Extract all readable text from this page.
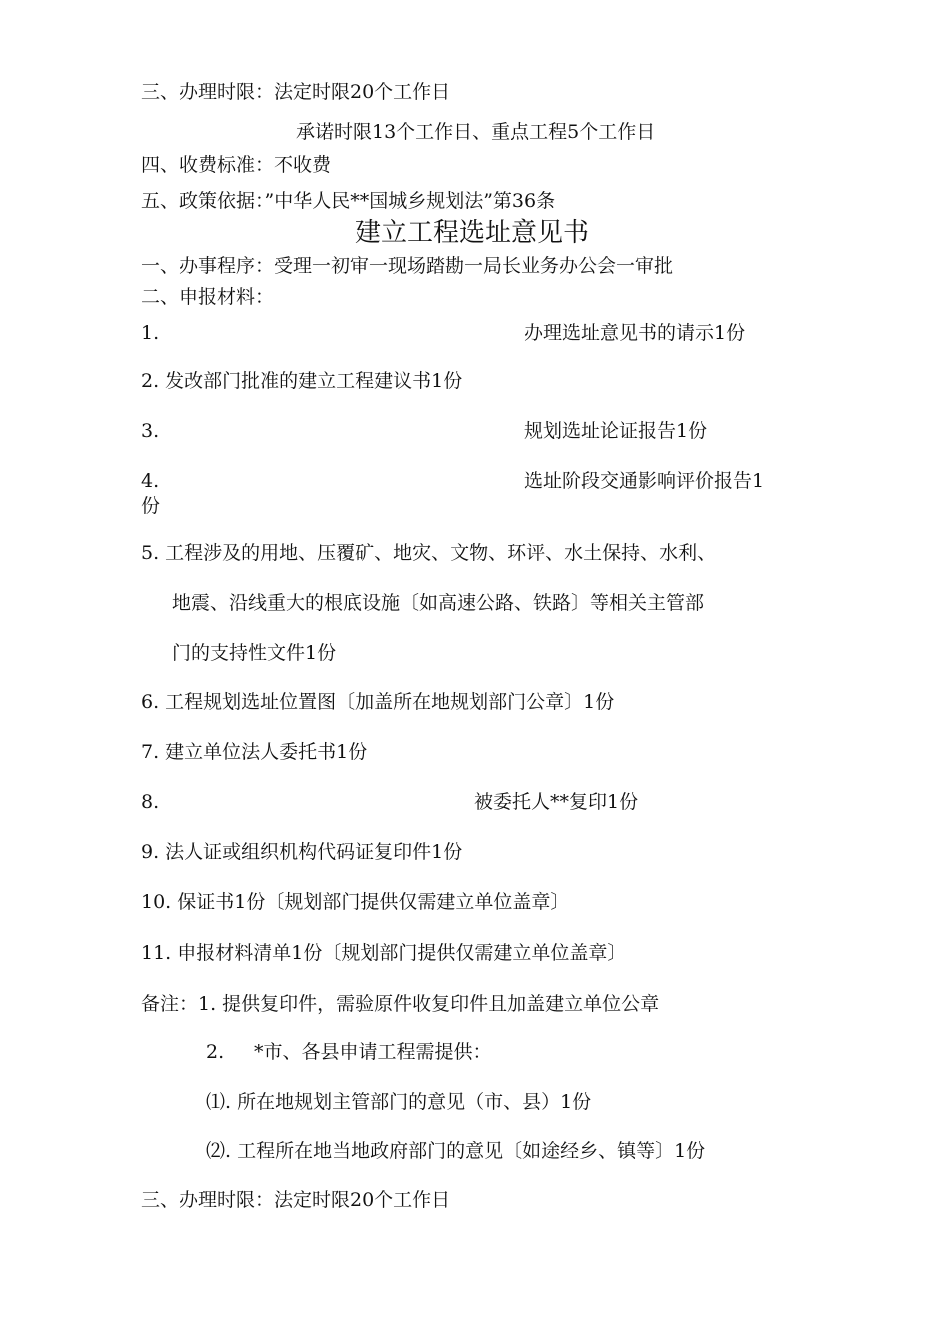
三、办理时限：法定时限20个工作日
承诺时限13个工作日、重点工程5个工作日
四、收费标准：不收费
五、政策依据：”中华人民**国城乡规划法”第36条
建立工程选址意见书
一、办事程序：受理一初审一现场踏勘一局长业务办公会一审批
二、申报材料：
1.	办理选址意见书的请示1份
2. 发改部门批准的建立工程建议书1份
3.	规划选址论证报告1份
4.	选址阶段交通影响评价报告1
份
5. 工程涉及的用地、压覆矿、地灾、文物、环评、水土保持、水利、
地震、沿线重大的根底设施〔如高速公路、铁路〕等相关主管部
门的支持性文件1份
6. 工程规划选址位置图〔加盖所在地规划部门公章〕1份
7. 建立单位法人委托书1份
8.	被委托人**复印1份
9. 法人证或组织机构代码证复印件1份
10. 保证书1份〔规划部门提供仅需建立单位盖章〕
11. 申报材料清单1份〔规划部门提供仅需建立单位盖章〕
备注：1. 提供复印件，需验原件收复印件且加盖建立单位公章
2. *市、各县申请工程需提供：
⑴. 所在地规划主管部门的意见（市、县）1份
⑵. 工程所在地当地政府部门的意见〔如途经乡、镇等〕1份
三、办理时限：法定时限20个工作日
